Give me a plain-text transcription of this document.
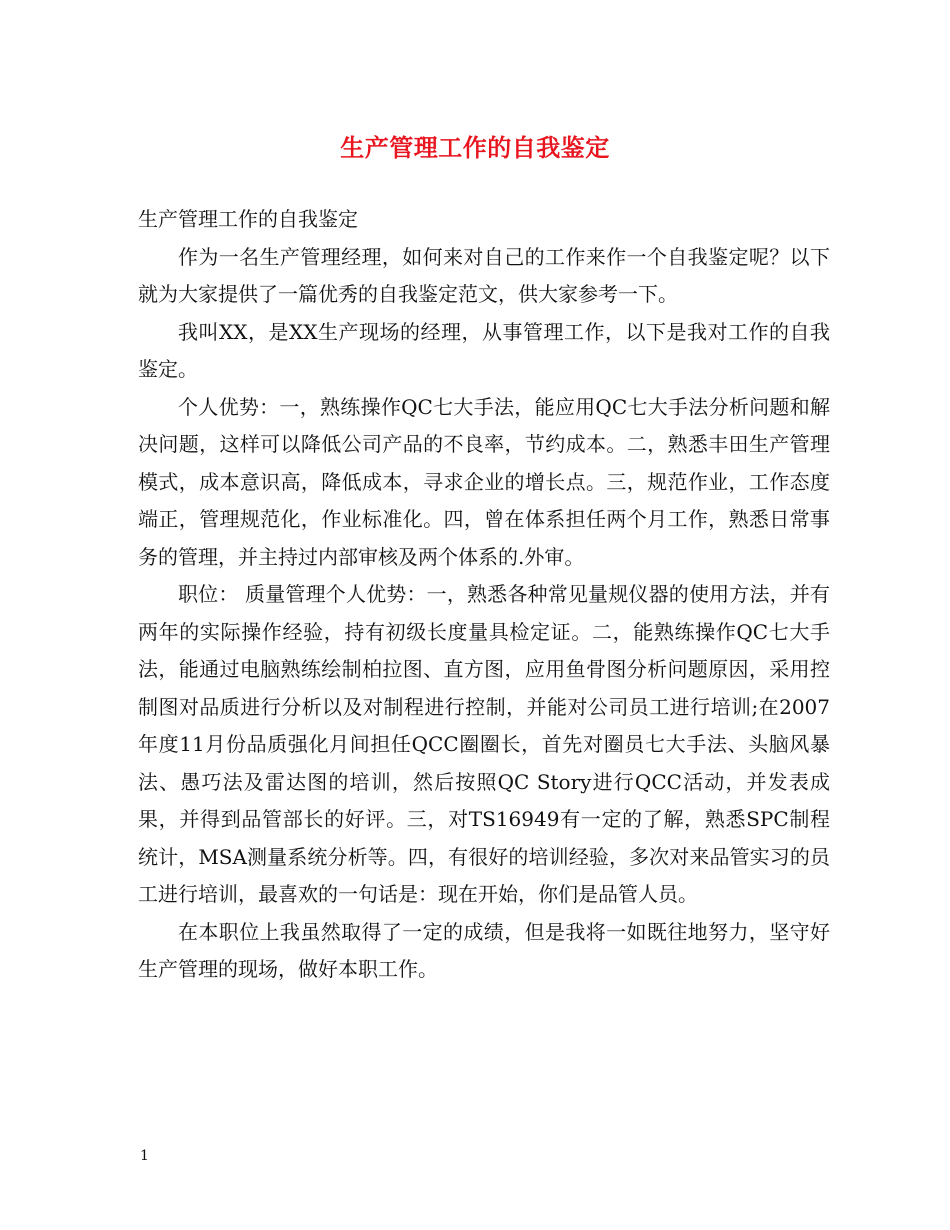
生产管理工作的自我鉴定

生产管理工作的自我鉴定

作为一名生产管理经理，如何来对自己的工作来作一个自我鉴定呢？以下就为大家提供了一篇优秀的自我鉴定范文，供大家参考一下。

我叫XX，是XX生产现场的经理，从事管理工作，以下是我对工作的自我鉴定。

个人优势：一，熟练操作QC七大手法，能应用QC七大手法分析问题和解决问题，这样可以降低公司产品的不良率，节约成本。二，熟悉丰田生产管理模式，成本意识高，降低成本，寻求企业的增长点。三，规范作业，工作态度端正，管理规范化，作业标准化。四，曾在体系担任两个月工作，熟悉日常事务的管理，并主持过内部审核及两个体系的.外审。

职位： 质量管理个人优势：一，熟悉各种常见量规仪器的使用方法，并有两年的实际操作经验，持有初级长度量具检定证。二，能熟练操作QC七大手法，能通过电脑熟练绘制柏拉图、直方图，应用鱼骨图分析问题原因，采用控制图对品质进行分析以及对制程进行控制，并能对公司员工进行培训;在2007年度11月份品质强化月间担任QCC圈圈长，首先对圈员七大手法、头脑风暴法、愚巧法及雷达图的培训，然后按照QC Story进行QCC活动，并发表成果，并得到品管部长的好评。三，对TS16949有一定的了解，熟悉SPC制程统计，MSA测量系统分析等。四，有很好的培训经验，多次对来品管实习的员工进行培训，最喜欢的一句话是：现在开始，你们是品管人员。

在本职位上我虽然取得了一定的成绩，但是我将一如既往地努力，坚守好生产管理的现场，做好本职工作。

1
